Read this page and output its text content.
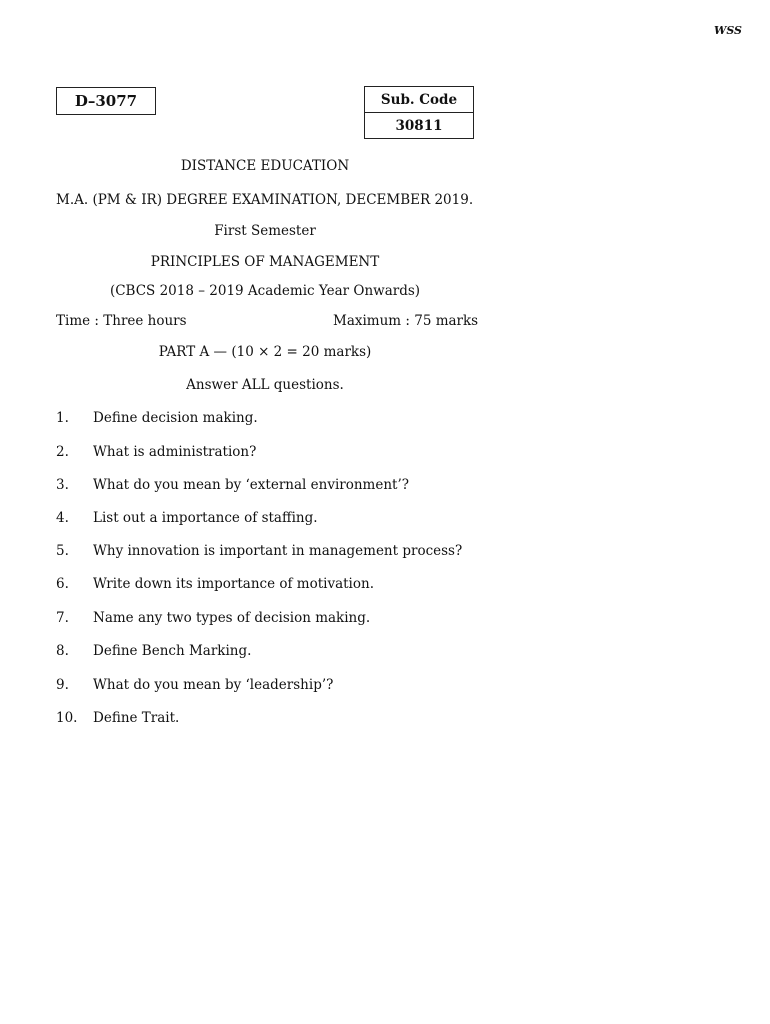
WSS
D–3077	Sub. Code
30811
DISTANCE EDUCATION
M.A. (PM & IR) DEGREE EXAMINATION, DECEMBER 2019.
First Semester
PRINCIPLES OF MANAGEMENT
(CBCS 2018 – 2019 Academic Year Onwards)
Time : Three hours	Maximum : 75 marks
PART A — (10 × 2 = 20 marks)
Answer ALL questions.
1. Define decision making.
2. What is administration?
3. What do you mean by ‘external environment’?
4. List out a importance of staffing.
5. Why innovation is important in management process?
6. Write down its importance of motivation.
7. Name any two types of decision making.
8. Define Bench Marking.
9. What do you mean by ‘leadership’?
10. Define Trait.
